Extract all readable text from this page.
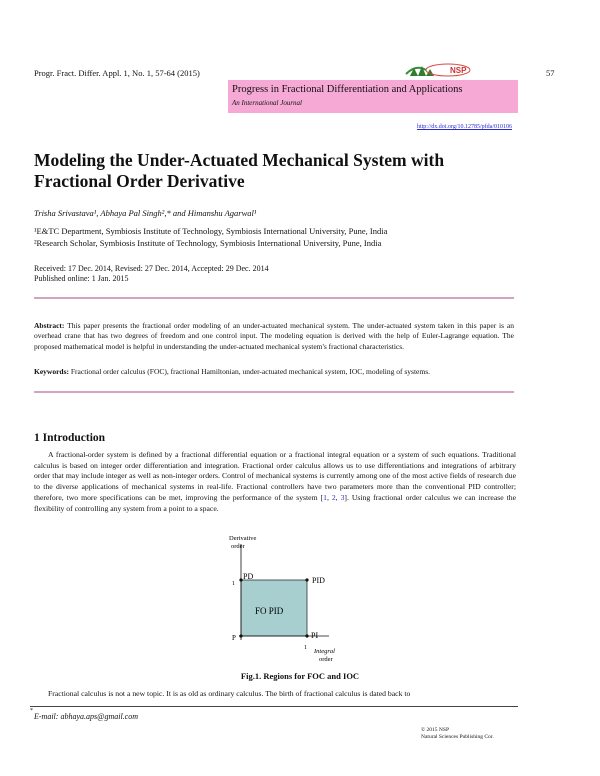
Progr. Fract. Differ. Appl. 1, No. 1, 57-64 (2015)	57
NSP
Progress in Fractional Differentiation and Applications
An International Journal
http://dx.doi.org/10.12785/pfda/010106
Modeling the Under-Actuated Mechanical System with Fractional Order Derivative
Trisha Srivastava¹, Abhaya Pal Singh²,* and Himanshu Agarwal¹
¹E&TC Department, Symbiosis Institute of Technology, Symbiosis International University, Pune, India
²Research Scholar, Symbiosis Institute of Technology, Symbiosis International University, Pune, India
Received: 17 Dec. 2014, Revised: 27 Dec. 2014, Accepted: 29 Dec. 2014
Published online: 1 Jan. 2015
Abstract: This paper presents the fractional order modeling of an under-actuated mechanical system. The under-actuated system taken in this paper is an overhead crane that has two degrees of freedom and one control input. The modeling equation is derived with the help of Euler-Lagrange equation. The proposed mathematical model is helpful in understanding the under-actuated mechanical system's fractional characteristics.
Keywords: Fractional order calculus (FOC), fractional Hamiltonian, under-actuated mechanical system, IOC, modeling of systems.
1 Introduction

A fractional-order system is defined by a fractional differential equation or a fractional integral equation or a system of such equations. Traditional calculus is based on integer order differentiation and integration. Fractional order calculus allows us to use differentiations and integrations of arbitrary order that may include integer as well as non-integer orders. Control of mechanical systems is currently among one of the most active fields of research due to the diverse applications of mechanical systems in real-life. Fractional controllers have two parameters more than the conventional PID controller; therefore, two more specifications can be met, improving the performance of the system [1, 2, 3]. Using fractional order calculus we can increase the flexibility of controlling any system from a point to a space.

Derivative
order
1
PD	PID
FO PID
PI
P
1 Integral
order
Fig.1. Regions for FOC and IOC
Fractional calculus is not a new topic. It is as old as ordinary calculus. The birth of fractional calculus is dated back to
*
E-mail: abhaya.aps@gmail.com
© 2015 NSP
Natural Sciences Publishing Cor.
